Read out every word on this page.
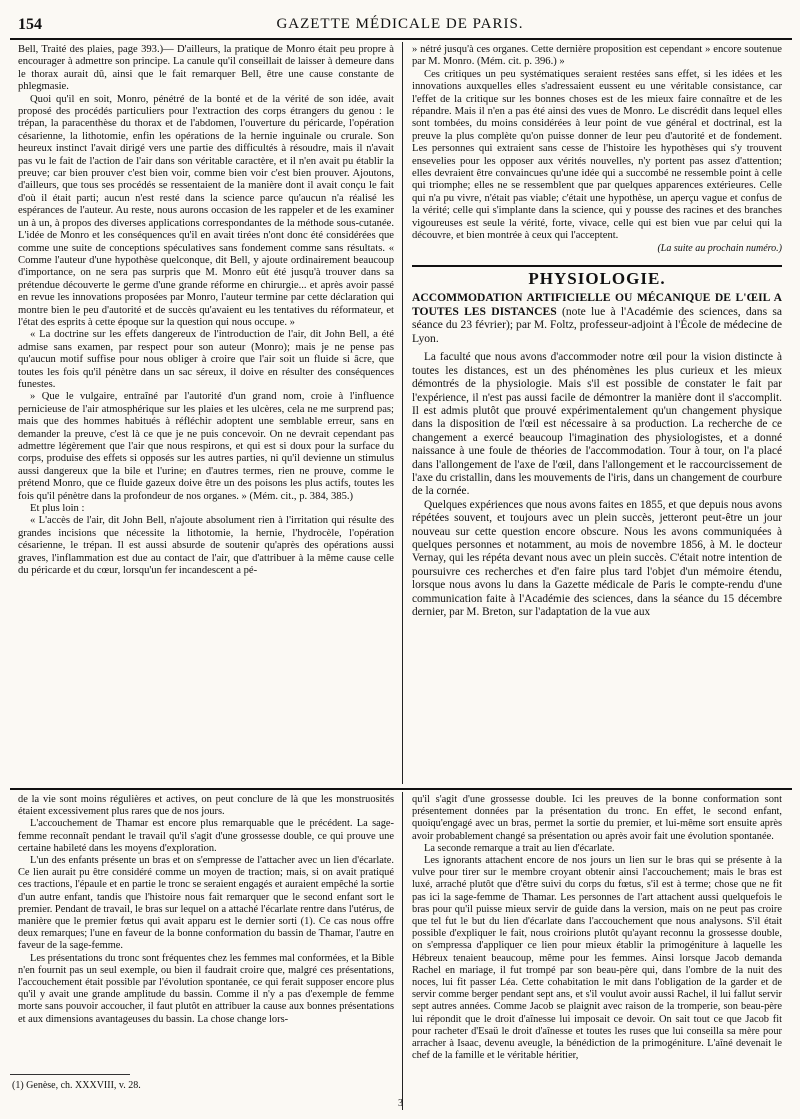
154	GAZETTE MÉDICALE DE PARIS.

Bell, Traité des plaies, page 393.)— D'ailleurs, la pratique de Monro était peu propre à encourager à admettre son principe. La canule qu'il conseillait de laisser à demeure dans le thorax aurait dû, ainsi que le fait remarquer Bell, être une cause constante de phlegmasie.

Quoi qu'il en soit, Monro, pénétré de la bonté et de la vérité de son idée, avait proposé des procédés particuliers pour l'extraction des corps étrangers du genou : le trépan, la paracenthèse du thorax et de l'abdomen, l'ouverture du péricarde, l'opération césarienne, la lithotomie, enfin les opérations de la hernie inguinale ou crurale. Son heureux instinct l'avait dirigé vers une partie des difficultés à résoudre, mais il n'avait pas vu le fait de l'action de l'air dans son véritable caractère, et il n'en avait pu établir la preuve; car bien prouver c'est bien voir, comme bien voir c'est bien prouver. Ajoutons, d'ailleurs, que tous ses procédés se ressentaient de la manière dont il avait conçu le fait d'où il était parti; aucun n'est resté dans la science parce qu'aucun n'a réalisé les espérances de l'auteur. Au reste, nous aurons occasion de les rappeler et de les examiner un à un, à propos des diverses applications correspondantes de la méthode sous-cutanée. L'idée de Monro et les conséquences qu'il en avait tirées n'ont donc été considérées que comme une suite de conceptions spéculatives sans fondement comme sans résultats. « Comme l'auteur d'une hypothèse quelconque, dit Bell, y ajoute ordinairement beaucoup d'importance, on ne sera pas surpris que M. Monro eût été jusqu'à trouver dans sa prétendue découverte le germe d'une grande réforme en chirurgie... et après avoir passé en revue les innovations proposées par Monro, l'auteur termine par cette déclaration qui montre bien le peu d'autorité et de succès qu'avaient eu les tentatives du réformateur, et l'état des esprits à cette époque sur la question qui nous occupe. »

« La doctrine sur les effets dangereux de l'introduction de l'air, dit John Bell, a été admise sans examen, par respect pour son auteur (Monro); mais je ne pense pas qu'aucun motif suffise pour nous obliger à croire que l'air soit un fluide si âcre, que toutes les fois qu'il pénètre dans un sac séreux, il doive en résulter des conséquences funestes.

» Que le vulgaire, entraîné par l'autorité d'un grand nom, croie à l'influence pernicieuse de l'air atmosphérique sur les plaies et les ulcères, cela ne me surprend pas; mais que des hommes habitués à réfléchir adoptent une semblable erreur, sans en demander la preuve, c'est là ce que je ne puis concevoir. On ne devrait cependant pas admettre légèrement que l'air que nous respirons, et qui est si doux pour la surface du corps, produise des effets si opposés sur les autres parties, ni qu'il devienne un stimulus aussi dangereux que la bile et l'urine; en d'autres termes, rien ne prouve, comme le prétend Monro, que ce fluide gazeux doive être un des poisons les plus actifs, toutes les fois qu'il pénètre dans la profondeur de nos organes. » (Mém. cit., p. 384, 385.)

Et plus loin :

« L'accès de l'air, dit John Bell, n'ajoute absolument rien à l'irritation qui résulte des grandes incisions que nécessite la lithotomie, la hernie, l'hydrocèle, l'opération césarienne, le trépan. Il est aussi absurde de soutenir qu'après des opérations aussi graves, l'inflammation est due au contact de l'air, que d'attribuer à la même cause celle du péricarde et du cœur, lorsqu'un fer incandescent a pé-

» nétré jusqu'à ces organes. Cette dernière proposition est cependant » encore soutenue par M. Monro. (Mém. cit. p. 396.) »

Ces critiques un peu systématiques seraient restées sans effet, si les idées et les innovations auxquelles elles s'adressaient eussent eu une véritable consistance, car l'effet de la critique sur les bonnes choses est de les mieux faire connaître et de les répandre. Mais il n'en a pas été ainsi des vues de Monro. Le discrédit dans lequel elles sont tombées, du moins considérées à leur point de vue général et doctrinal, est la preuve la plus complète qu'on puisse donner de leur peu d'autorité et de fondement. Les personnes qui extraient sans cesse de l'histoire les hypothèses qui s'y trouvent ensevelies pour les opposer aux vérités nouvelles, n'y portent pas assez d'attention; elles devraient être convaincues qu'une idée qui a succombé ne ressemble point à celle qui triomphe; elles ne se ressemblent que par quelques apparences extérieures. Celle qui n'a pu vivre, n'était pas viable; c'était une hypothèse, un aperçu vague et confus de la vérité; celle qui s'implante dans la science, qui y pousse des racines et des branches vigoureuses est seule la vérité, forte, vivace, celle qui est bien vue par celui qui la découvre, et bien montrée à ceux qui l'acceptent.

(La suite au prochain numéro.)
PHYSIOLOGIE.
ACCOMMODATION ARTIFICIELLE OU MÉCANIQUE DE L'ŒIL A TOUTES LES DISTANCES (note lue à l'Académie des sciences, dans sa séance du 23 février); par M. Foltz, professeur-adjoint à l'École de médecine de Lyon.

La faculté que nous avons d'accommoder notre œil pour la vision distincte à toutes les distances, est un des phénomènes les plus curieux et les mieux démontrés de la physiologie. Mais s'il est possible de constater le fait par l'expérience, il n'est pas aussi facile de démontrer la manière dont il s'accomplit. Il est admis plutôt que prouvé expérimentalement qu'un changement physique dans la disposition de l'œil est nécessaire à sa production. La recherche de ce changement a exercé beaucoup l'imagination des physiologistes, et a donné naissance à une foule de théories de l'accommodation. Tour à tour, on l'a placé dans l'allongement de l'axe de l'œil, dans l'allongement et le raccourcissement de l'axe du cristallin, dans les mouvements de l'iris, dans un changement de courbure de la cornée.

Quelques expériences que nous avons faites en 1855, et que depuis nous avons répétées souvent, et toujours avec un plein succès, jetteront peut-être un jour nouveau sur cette question encore obscure. Nous les avons communiquées à quelques personnes et notamment, au mois de novembre 1856, à M. le docteur Vernay, qui les répéta devant nous avec un plein succès. C'était notre intention de poursuivre ces recherches et d'en faire plus tard l'objet d'un mémoire étendu, lorsque nous avons lu dans la Gazette médicale de Paris le compte-rendu d'une communication faite à l'Académie des sciences, dans la séance du 15 décembre dernier, par M. Breton, sur l'adaptation de la vue aux

de la vie sont moins régulières et actives, on peut conclure de là que les monstruosités étaient excessivement plus rares que de nos jours.

L'accouchement de Thamar est encore plus remarquable que le précédent. La sage-femme reconnaît pendant le travail qu'il s'agit d'une grossesse double, ce qui prouve une certaine habileté dans les moyens d'exploration.

L'un des enfants présente un bras et on s'empresse de l'attacher avec un lien d'écarlate. Ce lien aurait pu être considéré comme un moyen de traction; mais, si on avait pratiqué ces tractions, l'épaule et en partie le tronc se seraient engagés et auraient empêché la sortie d'un autre enfant, tandis que l'histoire nous fait remarquer que le second enfant sort le premier. Pendant de travail, le bras sur lequel on a attaché l'écarlate rentre dans l'utérus, de manière que le premier fœtus qui avait apparu est le dernier sorti (1). Ce cas nous offre deux remarques; l'une en faveur de la bonne conformation du bassin de Thamar, l'autre en faveur de la sage-femme.

Les présentations du tronc sont fréquentes chez les femmes mal conformées, et la Bible n'en fournit pas un seul exemple, ou bien il faudrait croire que, malgré ces présentations, l'accouchement était possible par l'évolution spontanée, ce qui ferait supposer encore plus qu'il y avait une grande amplitude du bassin. Comme il n'y a pas d'exemple de femme morte sans pouvoir accoucher, il faut plutôt en attribuer la cause aux bonnes présentations et aux dimensions avantageuses du bassin. La chose change lors-

qu'il s'agit d'une grossesse double. Ici les preuves de la bonne conformation sont présentement données par la présentation du tronc. En effet, le second enfant, quoiqu'engagé avec un bras, permet la sortie du premier, et lui-même sort ensuite après avoir probablement changé sa présentation ou après avoir fait une évolution spontanée.

La seconde remarque a trait au lien d'écarlate.

Les ignorants attachent encore de nos jours un lien sur le bras qui se présente à la vulve pour tirer sur le membre croyant obtenir ainsi l'accouchement; mais le bras est luxé, arraché plutôt que d'être suivi du corps du fœtus, s'il est à terme; chose que ne fit pas ici la sage-femme de Thamar. Les personnes de l'art attachent aussi quelquefois le bras pour qu'il puisse mieux servir de guide dans la version, mais on ne peut pas croire que tel fut le but du lien d'écarlate dans l'accouchement que nous analysons. S'il était possible d'expliquer le fait, nous croirions plutôt qu'ayant reconnu la grossesse double, on s'empressa d'appliquer ce lien pour mieux établir la primogéniture à laquelle les Hébreux tenaient beaucoup, même pour les femmes. Ainsi lorsque Jacob demanda Rachel en mariage, il fut trompé par son beau-père qui, dans l'ombre de la nuit des noces, lui fit passer Léa. Cette cohabitation le mit dans l'obligation de la garder et de servir comme berger pendant sept ans, et s'il voulut avoir aussi Rachel, il lui fallut servir sept autres années. Comme Jacob se plaignit avec raison de la tromperie, son beau-père lui répondit que le droit d'aînesse lui imposait ce devoir. On sait tout ce que Jacob fit pour racheter d'Esaü le droit d'aînesse et toutes les ruses que lui conseilla sa mère pour arracher à Isaac, devenu aveugle, la bénédiction de la primogéniture. L'aîné devenait le chef de la famille et le véritable héritier,

(1) Genèse, ch. XXXVIII, v. 28.
3
